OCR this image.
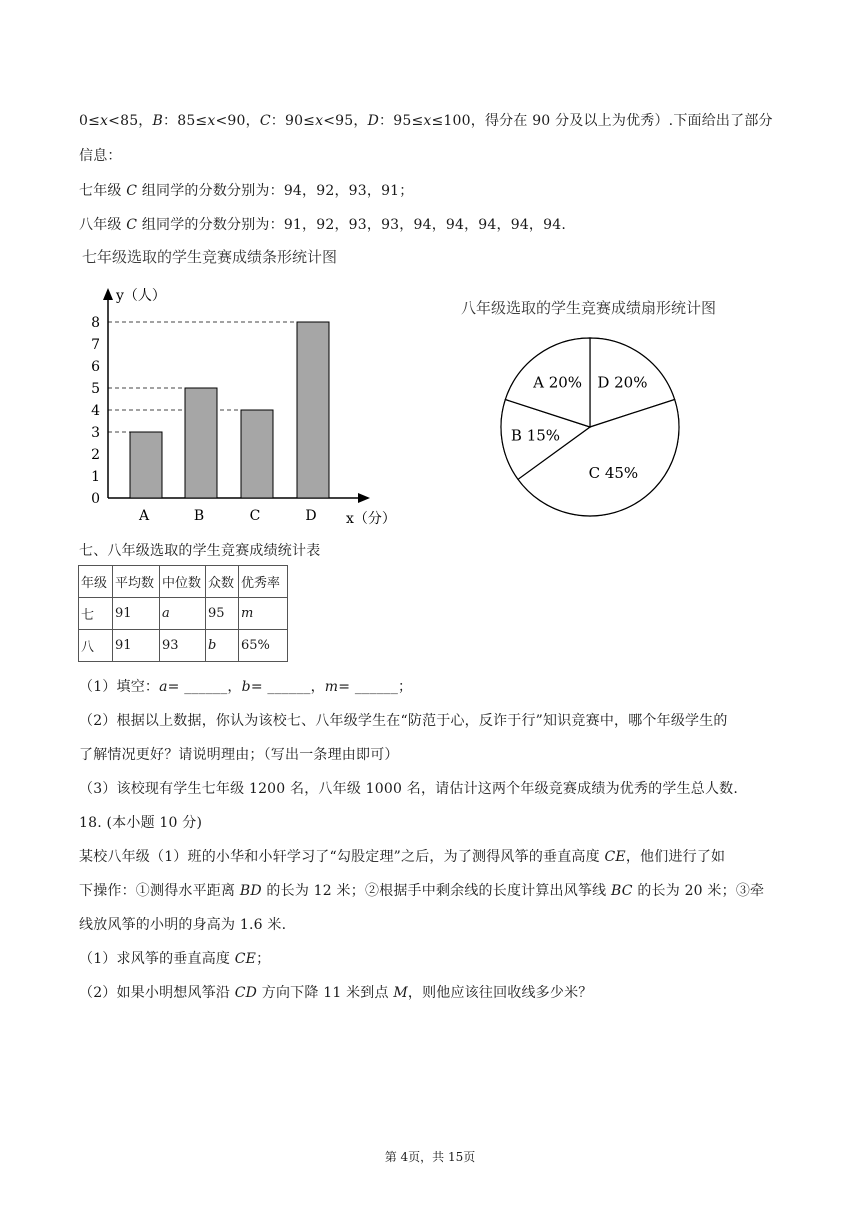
0≤x<85，B：85≤x<90，C：90≤x<95，D：95≤x≤100，得分在 90 分及以上为优秀）.下面给出了部分
信息：
七年级 C 组同学的分数分别为：94，92，93，91；
八年级 C 组同学的分数分别为：91，92，93，93，94，94，94，94，94.
七年级选取的学生竞赛成绩条形统计图
0
1
2
3
4
5
6
7
8
A	B	C	D
y（人）
x（分）
八年级选取的学生竞赛成绩扇形统计图
D 20%
C 45%
B 15%
A 20%
七、八年级选取的学生竞赛成绩统计表
年级	平均数	中位数	众数	优秀率
七	91	a	95	m
八	91	93	b	65%
（1）填空：a= ______，b= ______，m= ______；
（2）根据以上数据，你认为该校七、八年级学生在“防范于心，反诈于行”知识竞赛中，哪个年级学生的
了解情况更好？请说明理由；（写出一条理由即可）
（3）该校现有学生七年级 1200 名，八年级 1000 名，请估计这两个年级竞赛成绩为优秀的学生总人数.
18. (本小题 10 分)
某校八年级（1）班的小华和小轩学习了“勾股定理”之后，为了测得风筝的垂直高度 CE，他们进行了如
下操作：①测得水平距离 BD 的长为 12 米；②根据手中剩余线的长度计算出风筝线 BC 的长为 20 米；③牵
线放风筝的小明的身高为 1.6 米.
（1）求风筝的垂直高度 CE；
（2）如果小明想风筝沿 CD 方向下降 11 米到点 M，则他应该往回收线多少米？
第 4页，共 15页
